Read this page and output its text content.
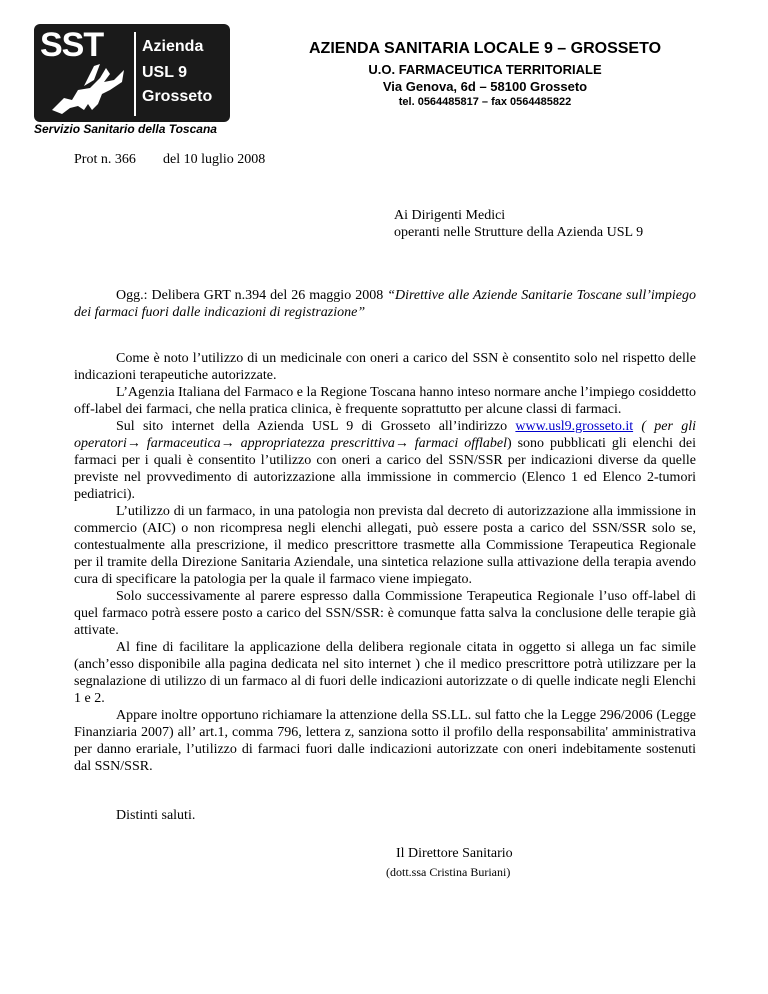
SST Azienda
USL 9
Grosseto
Servizio Sanitario della Toscana
AZIENDA SANITARIA LOCALE 9 – GROSSETO
U.O. FARMACEUTICA TERRITORIALE
Via Genova, 6d – 58100 Grosseto
tel. 0564485817 – fax 0564485822
Prot n. 366 del 10 luglio 2008
Ai Dirigenti Medici
operanti nelle Strutture della Azienda USL 9
Ogg.: Delibera GRT n.394 del 26 maggio 2008 “Direttive alle Aziende Sanitarie Toscane sull’impiego dei farmaci fuori dalle indicazioni di registrazione”

Come è noto l’utilizzo di un medicinale con oneri a carico del SSN è consentito solo nel rispetto delle indicazioni terapeutiche autorizzate.

L’Agenzia Italiana del Farmaco e la Regione Toscana hanno inteso normare anche l’impiego cosiddetto off-label dei farmaci, che nella pratica clinica, è frequente soprattutto per alcune classi di farmaci.

Sul sito internet della Azienda USL 9 di Grosseto all’indirizzo www.usl9.grosseto.it ( per gli operatori→ farmaceutica→ appropriatezza prescrittiva→ farmaci offlabel) sono pubblicati gli elenchi dei farmaci per i quali è consentito l’utilizzo con oneri a carico del SSN/SSR per indicazioni diverse da quelle previste nel provvedimento di autorizzazione alla immissione in commercio (Elenco 1 ed Elenco 2-tumori pediatrici).

L’utilizzo di un farmaco, in una patologia non prevista dal decreto di autorizzazione alla immissione in commercio (AIC) o non ricompresa negli elenchi allegati, può essere posta a carico del SSN/SSR solo se, contestualmente alla prescrizione, il medico prescrittore trasmette alla Commissione Terapeutica Regionale per il tramite della Direzione Sanitaria Aziendale, una sintetica relazione sulla attivazione della terapia avendo cura di specificare la patologia per la quale il farmaco viene impiegato.

Solo successivamente al parere espresso dalla Commissione Terapeutica Regionale l’uso off-label di quel farmaco potrà essere posto a carico del SSN/SSR: è comunque fatta salva la conclusione delle terapie già attivate.

Al fine di facilitare la applicazione della delibera regionale citata in oggetto si allega un fac simile (anch’esso disponibile alla pagina dedicata nel sito internet ) che il medico prescrittore potrà utilizzare per la segnalazione di utilizzo di un farmaco al di fuori delle indicazioni autorizzate o di quelle indicate negli Elenchi 1 e 2.

Appare inoltre opportuno richiamare la attenzione della SS.LL. sul fatto che la Legge 296/2006 (Legge Finanziaria 2007) all’ art.1, comma 796, lettera z, sanziona sotto il profilo della responsabilita' amministrativa per danno erariale, l’utilizzo di farmaci fuori dalle indicazioni autorizzate con oneri indebitamente sostenuti dal SSN/SSR.

Distinti saluti.
Il Direttore Sanitario
(dott.ssa Cristina Buriani)
